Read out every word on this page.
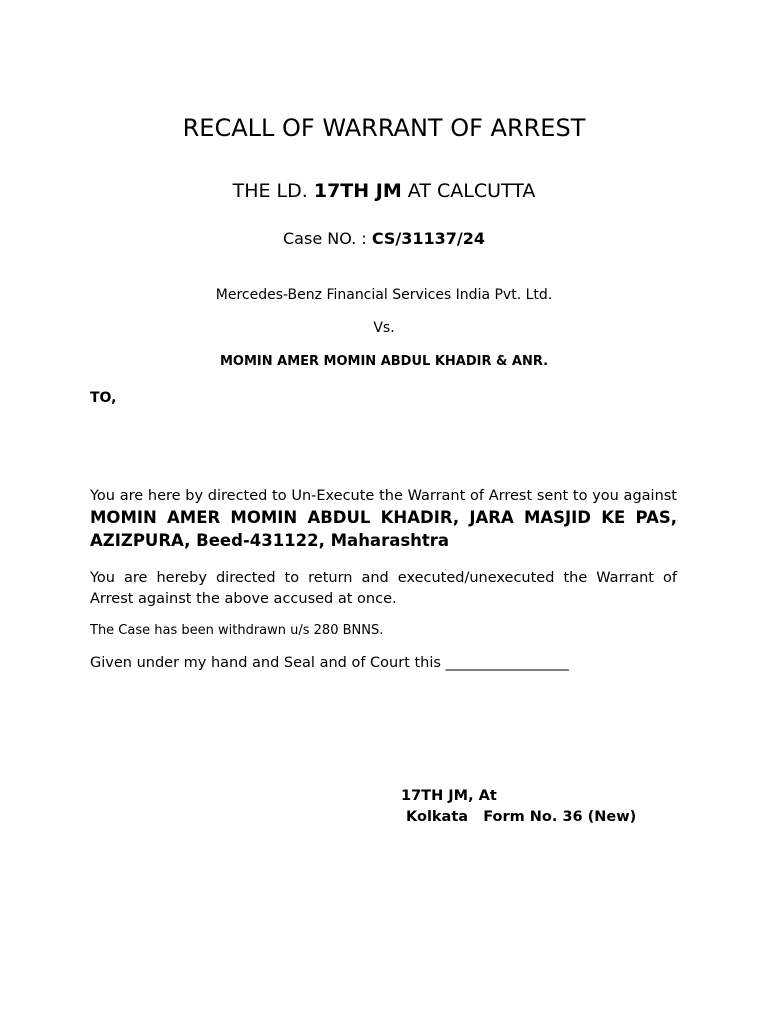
RECALL OF WARRANT OF ARREST
THE LD. 17TH JM AT CALCUTTA
Case NO. : CS/31137/24
Mercedes-Benz Financial Services India Pvt. Ltd.
Vs.
MOMIN AMER MOMIN ABDUL KHADIR & ANR.
TO,
You are here by directed to Un-Execute the Warrant of Arrest sent to you against MOMIN AMER MOMIN ABDUL KHADIR, JARA MASJID KE PAS, AZIZPURA, Beed-431122, Maharashtra
You are hereby directed to return and executed/unexecuted the Warrant of Arrest against the above accused at once.
The Case has been withdrawn u/s 280 BNNS.
Given under my hand and Seal and of Court this _________________
17TH JM, At
Kolkata   Form No. 36 (New)
